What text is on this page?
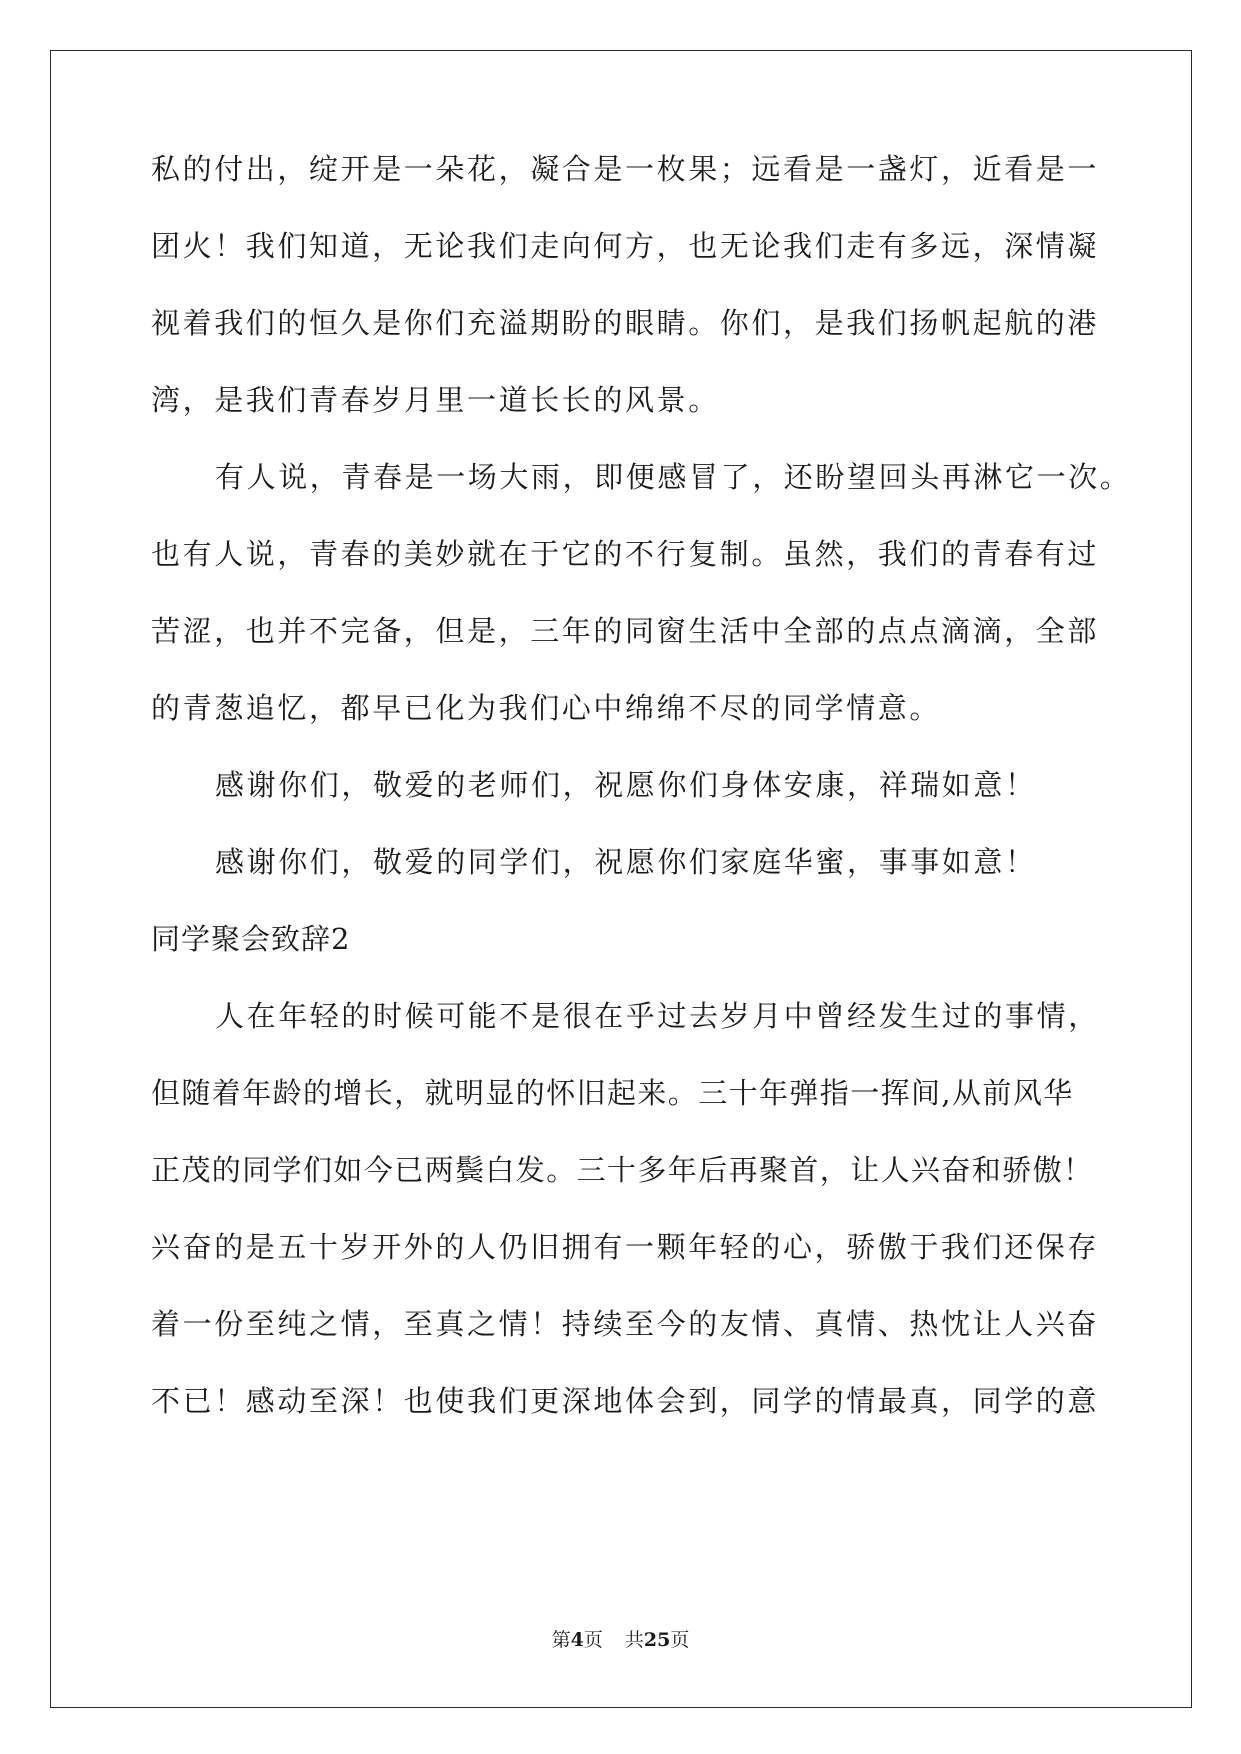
私的付出，绽开是一朵花，凝合是一枚果；远看是一盏灯，近看是一
团火！我们知道，无论我们走向何方，也无论我们走有多远，深情凝
视着我们的恒久是你们充溢期盼的眼睛。你们，是我们扬帆起航的港
湾，是我们青春岁月里一道长长的风景。
有人说，青春是一场大雨，即便感冒了，还盼望回头再淋它一次。
也有人说，青春的美妙就在于它的不行复制。虽然，我们的青春有过
苦涩，也并不完备，但是，三年的同窗生活中全部的点点滴滴，全部
的青葱追忆，都早已化为我们心中绵绵不尽的同学情意。
感谢你们，敬爱的老师们，祝愿你们身体安康，祥瑞如意！
感谢你们，敬爱的同学们，祝愿你们家庭华蜜，事事如意！
同学聚会致辞2
人在年轻的时候可能不是很在乎过去岁月中曾经发生过的事情，
但随着年龄的增长，就明显的怀旧起来。三十年弹指一挥间,从前风华
正茂的同学们如今已两鬓白发。三十多年后再聚首，让人兴奋和骄傲！
兴奋的是五十岁开外的人仍旧拥有一颗年轻的心，骄傲于我们还保存
着一份至纯之情，至真之情！持续至今的友情、真情、热忱让人兴奋
不已！感动至深！也使我们更深地体会到，同学的情最真，同学的意
第4页 共25页
